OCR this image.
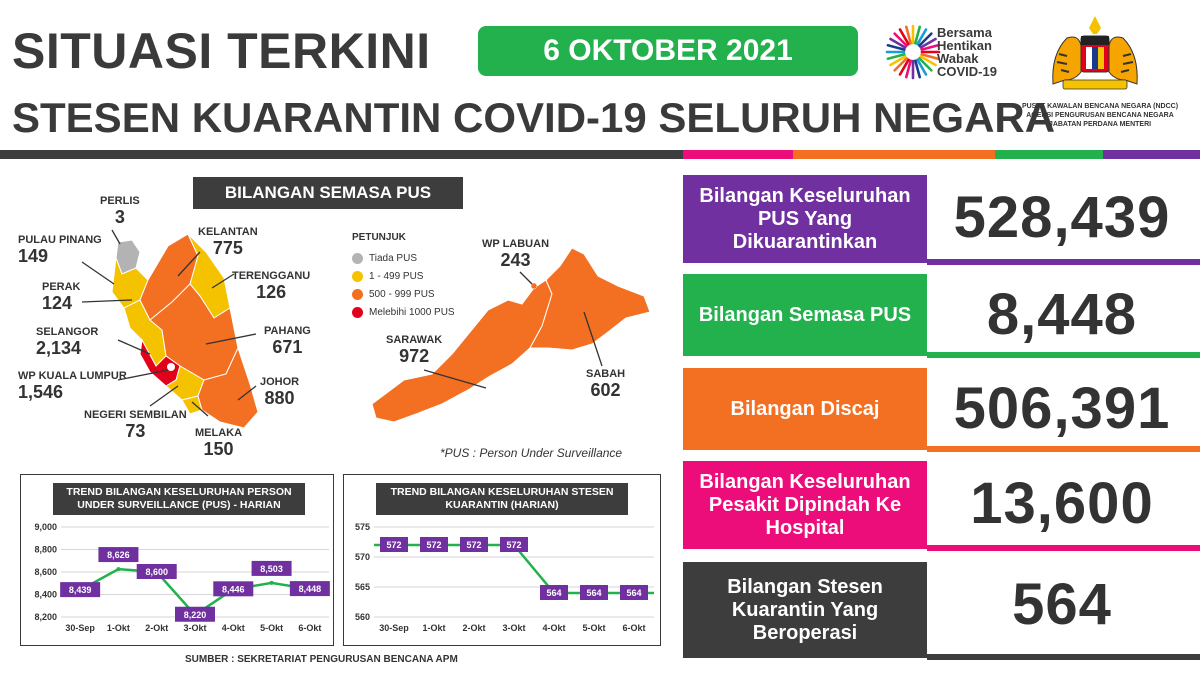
SITUASI TERKINI	6 OKTOBER 2021
STESEN KUARANTIN COVID-19 SELURUH NEGARA
Bersama
Hentikan
Wabak
COVID-19
PUSAT KAWALAN BENCANA NEGARA (NDCC)
AGENSI PENGURUSAN BENCANA NEGARA
JABATAN PERDANA MENTERI
BILANGAN SEMASA PUS
PERLIS
3
PULAU PINANG
149
PERAK
124
SELANGOR
2,134
WP KUALA LUMPUR
1,546
NEGERI SEMBILAN
73	MELAKA
150
KELANTAN
775
TERENGGANU
126
PAHANG
671
JOHOR
880
WP LABUAN
243
SARAWAK
972
SABAH
602
PETUNJUK
Tiada PUS
1 - 499 PUS
500 - 999 PUS
Melebihi 1000 PUS
*PUS : Person Under Surveillance
9,000
8,800
8,600
8,400
8,200
8,439
8,626
8,600
8,220
8,446
8,503
8,448
30-Sep 1-Okt 2-Okt 3-Okt 4-Okt 5-Okt 6-Okt
TREND BILANGAN KESELURUHAN PERSON UNDER SURVEILLANCE (PUS) - HARIAN
575
570
565
560
572	572	572	572
564	564	564
30-Sep 1-Okt 2-Okt 3-Okt 4-Okt 5-Okt 6-Okt
TREND BILANGAN KESELURUHAN STESEN KUARANTIN (HARIAN)
SUMBER : SEKRETARIAT PENGURUSAN BENCANA APM
Bilangan Keseluruhan PUS Yang Dikuarantinkan	528,439
Bilangan Semasa PUS	8,448
Bilangan Discaj	506,391
Bilangan Keseluruhan Pesakit Dipindah Ke Hospital	13,600
Bilangan Stesen Kuarantin Yang Beroperasi	564
